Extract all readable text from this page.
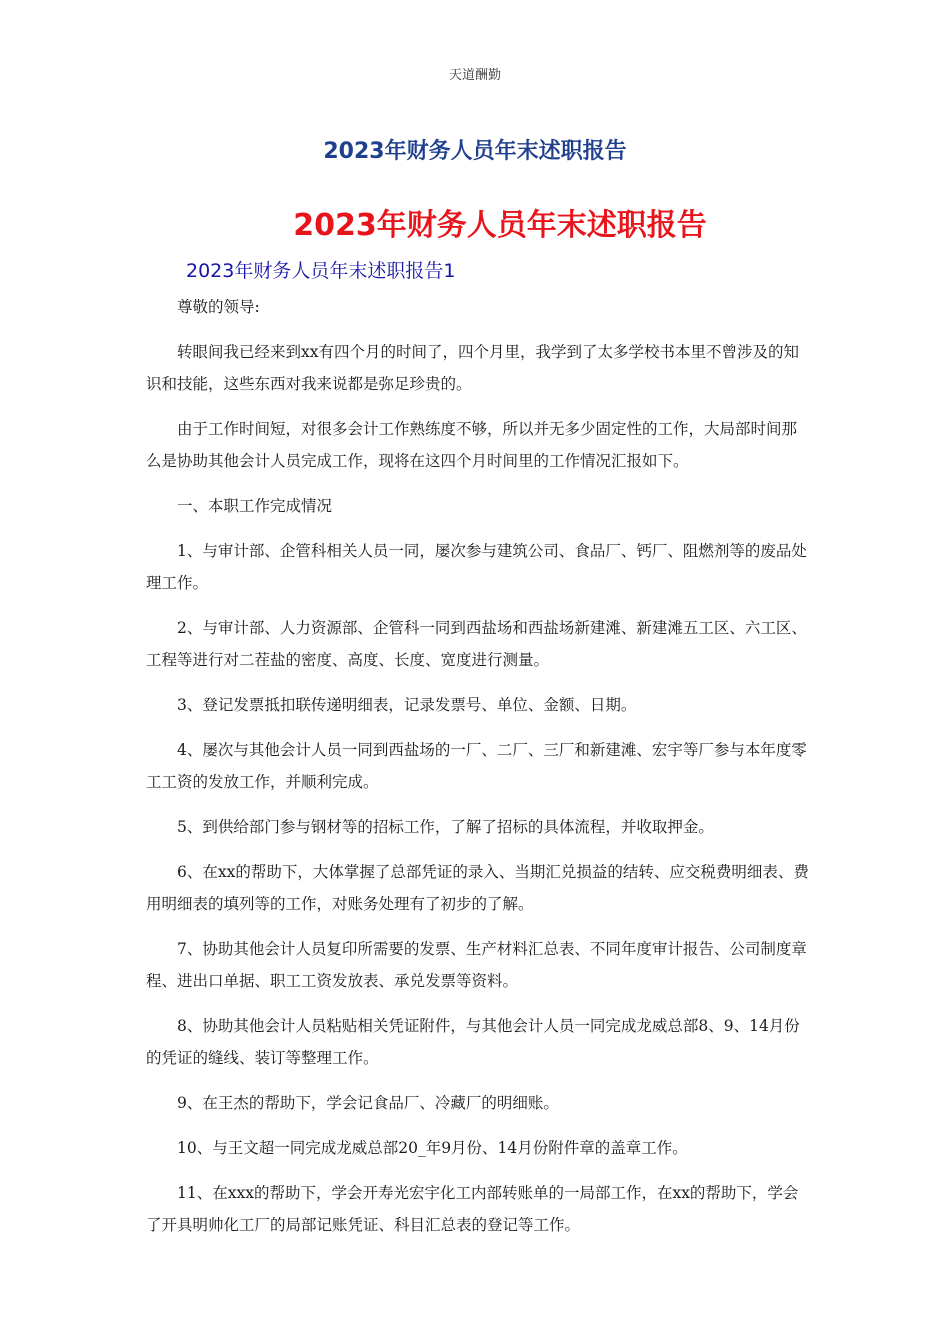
天道酬勤
2023年财务人员年末述职报告
2023年财务人员年末述职报告
2023年财务人员年末述职报告1

尊敬的领导:

转眼间我已经来到xx有四个月的时间了，四个月里，我学到了太多学校书本里不曾涉及的知识和技能，这些东西对我来说都是弥足珍贵的。

由于工作时间短，对很多会计工作熟练度不够，所以并无多少固定性的工作，大局部时间那么是协助其他会计人员完成工作，现将在这四个月时间里的工作情况汇报如下。

一、本职工作完成情况

1、与审计部、企管科相关人员一同，屡次参与建筑公司、食品厂、钙厂、阻燃剂等的废品处理工作。

2、与审计部、人力资源部、企管科一同到西盐场和西盐场新建滩、新建滩五工区、六工区、工程等进行对二茬盐的密度、高度、长度、宽度进行测量。

3、登记发票抵扣联传递明细表，记录发票号、单位、金额、日期。

4、屡次与其他会计人员一同到西盐场的一厂、二厂、三厂和新建滩、宏宇等厂参与本年度零工工资的发放工作，并顺利完成。

5、到供给部门参与钢材等的招标工作，了解了招标的具体流程，并收取押金。

6、在xx的帮助下，大体掌握了总部凭证的录入、当期汇兑损益的结转、应交税费明细表、费用明细表的填列等的工作，对账务处理有了初步的了解。

7、协助其他会计人员复印所需要的发票、生产材料汇总表、不同年度审计报告、公司制度章程、进出口单据、职工工资发放表、承兑发票等资料。

8、协助其他会计人员粘贴相关凭证附件，与其他会计人员一同完成龙威总部8、9、14月份的凭证的缝线、装订等整理工作。

9、在王杰的帮助下，学会记食品厂、冷藏厂的明细账。

10、与王文超一同完成龙威总部20_年9月份、14月份附件章的盖章工作。

11、在xxx的帮助下，学会开寿光宏宇化工内部转账单的一局部工作，在xx的帮助下，学会了开具明帅化工厂的局部记账凭证、科目汇总表的登记等工作。
